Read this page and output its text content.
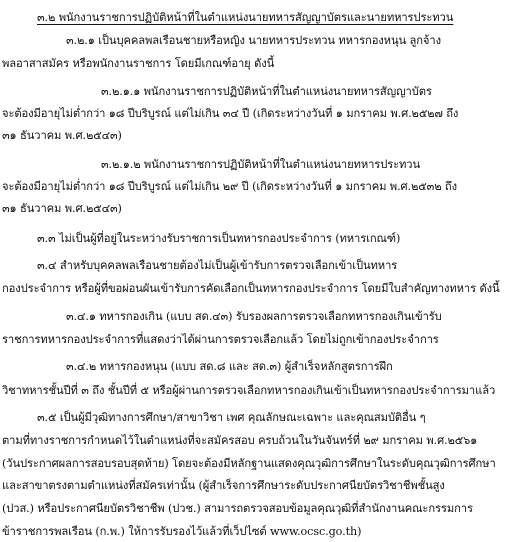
๓.๒ พนักงานราชการปฏิบัติหน้าที่ในตำแหน่งนายทหารสัญญาบัตรและนายทหารประทวน
๓.๒.๑ เป็นบุคคลพลเรือนชายหรือหญิง นายทหารประทวน ทหารกองหนุน ลูกจ้าง
พลอาสาสมัคร หรือพนักงานราชการ โดยมีเกณฑ์อายุ ดังนี้
๓.๒.๑.๑ พนักงานราชการปฏิบัติหน้าที่ในตำแหน่งนายทหารสัญญาบัตร
จะต้องมีอายุไม่ต่ำกว่า ๑๘ ปีบริบูรณ์ แต่ไม่เกิน ๓๔ ปี (เกิดระหว่างวันที่ ๑ มกราคม พ.ศ.๒๕๒๗ ถึง
๓๑ ธันวาคม พ.ศ.๒๕๔๓)
๓.๒.๑.๒ พนักงานราชการปฏิบัติหน้าที่ในตำแหน่งนายทหารประทวน
จะต้องมีอายุไม่ต่ำกว่า ๑๘ ปีบริบูรณ์ แต่ไม่เกิน ๒๙ ปี (เกิดระหว่างวันที่ ๑ มกราคม พ.ศ.๒๕๓๒ ถึง
๓๑ ธันวาคม พ.ศ.๒๕๔๓)
๓.๓ ไม่เป็นผู้ที่อยู่ในระหว่างรับราชการเป็นทหารกองประจำการ (ทหารเกณฑ์)
๓.๔ สำหรับบุคคลพลเรือนชายต้องไม่เป็นผู้เข้ารับการตรวจเลือกเข้าเป็นทหาร
กองประจำการ หรือผู้ที่ขอผ่อนผันเข้ารับการคัดเลือกเป็นทหารกองประจำการ โดยมีใบสำคัญทางทหาร ดังนี้
๓.๔.๑ ทหารกองเกิน (แบบ สด.๔๓) รับรองผลการตรวจเลือกทหารกองเกินเข้ารับ
ราชการทหารกองประจำการที่แสดงว่าได้ผ่านการตรวจเลือกแล้ว โดยไม่ถูกเข้ากองประจำการ
๓.๔.๒ ทหารกองหนุน (แบบ สด.๘ และ สด.๓) ผู้สำเร็จหลักสูตรการฝึก
วิชาทหารชั้นปีที่ ๓ ถึง ชั้นปีที่ ๕ หรือผู้ผ่านการตรวจเลือกทหารกองเกินเข้าเป็นทหารกองประจำการมาแล้ว
๓.๕ เป็นผู้มีวุฒิทางการศึกษา/สาขาวิชา เพศ คุณลักษณะเฉพาะ และคุณสมบัติอื่น ๆ
ตามที่ทางราชการกำหนดไว้ในตำแหน่งที่จะสมัครสอบ ครบถ้วนในวันจันทร์ที่ ๒๙ มกราคม พ.ศ.๒๕๖๑
(วันประกาศผลการสอบรอบสุดท้าย) โดยจะต้องมีหลักฐานแสดงคุณวุฒิการศึกษาในระดับคุณวุฒิการศึกษา
และสาขาตรงตามตำแหน่งที่สมัครเท่านั้น (ผู้สำเร็จการศึกษาระดับประกาศนียบัตรวิชาชีพชั้นสูง
(ปวส.) หรือประกาศนียบัตรวิชาชีพ (ปวช.) สามารถตรวจสอบข้อมูลคุณวุฒิที่สำนักงานคณะกรรมการ
ข้าราชการพลเรือน (ก.พ.) ให้การรับรองไว้แล้วที่เว็ปไซต์ www.ocsc.go.th)
